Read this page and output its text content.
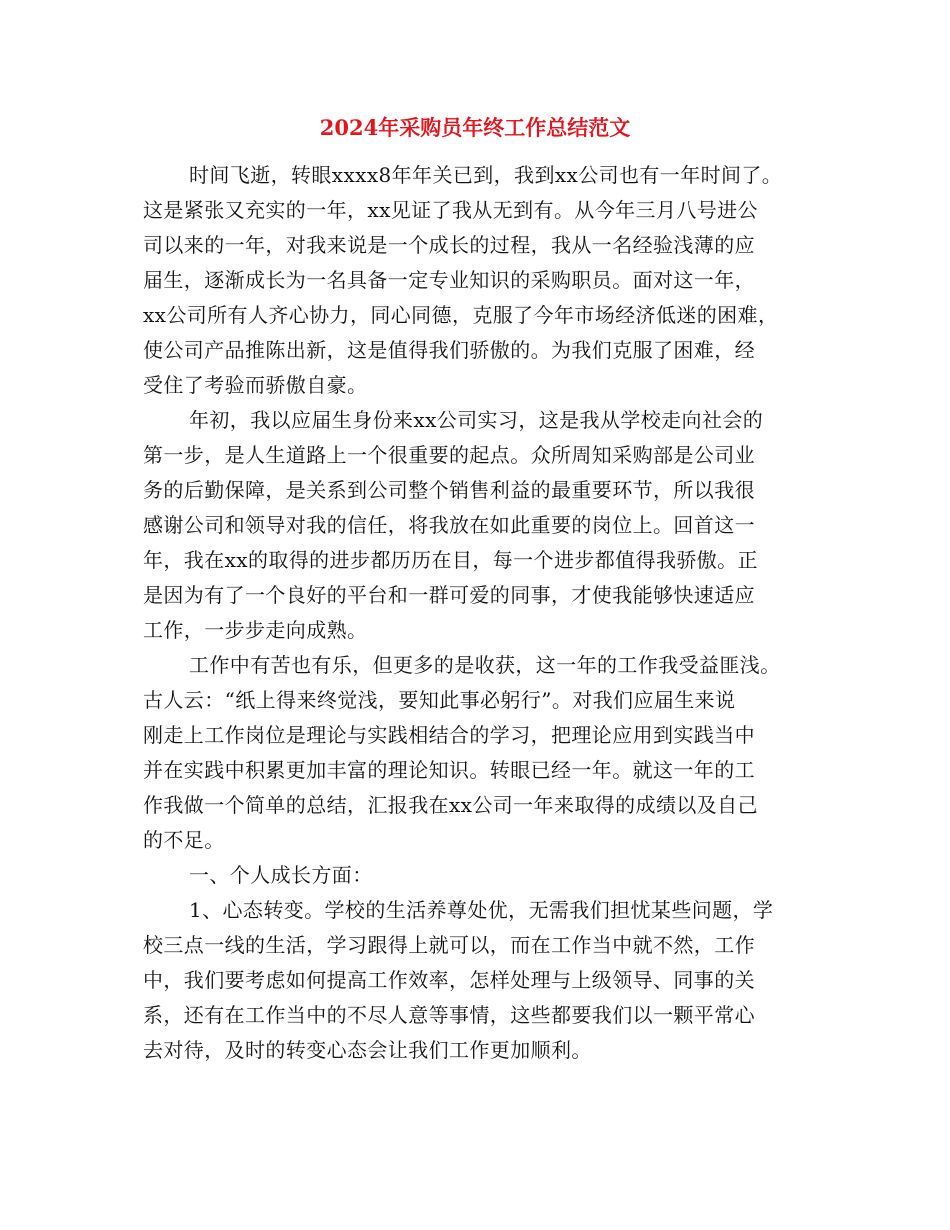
2024年采购员年终工作总结范文
时间飞逝，转眼xxxx8年年关已到，我到xx公司也有一年时间了。
这是紧张又充实的一年，xx见证了我从无到有。从今年三月八号进公
司以来的一年，对我来说是一个成长的过程，我从一名经验浅薄的应
届生，逐渐成长为一名具备一定专业知识的采购职员。面对这一年，
xx公司所有人齐心协力，同心同德，克服了今年市场经济低迷的困难，
使公司产品推陈出新，这是值得我们骄傲的。为我们克服了困难，经
受住了考验而骄傲自豪。
年初，我以应届生身份来xx公司实习，这是我从学校走向社会的
第一步，是人生道路上一个很重要的起点。众所周知采购部是公司业
务的后勤保障，是关系到公司整个销售利益的最重要环节，所以我很
感谢公司和领导对我的信任，将我放在如此重要的岗位上。回首这一
年，我在xx的取得的进步都历历在目，每一个进步都值得我骄傲。正
是因为有了一个良好的平台和一群可爱的同事，才使我能够快速适应
工作，一步步走向成熟。
工作中有苦也有乐，但更多的是收获，这一年的工作我受益匪浅。
古人云：“纸上得来终觉浅，要知此事必躬行”。对我们应届生来说
刚走上工作岗位是理论与实践相结合的学习，把理论应用到实践当中
并在实践中积累更加丰富的理论知识。转眼已经一年。就这一年的工
作我做一个简单的总结，汇报我在xx公司一年来取得的成绩以及自己
的不足。
一、个人成长方面：
1、心态转变。学校的生活养尊处优，无需我们担忧某些问题，学
校三点一线的生活，学习跟得上就可以，而在工作当中就不然，工作
中，我们要考虑如何提高工作效率，怎样处理与上级领导、同事的关
系，还有在工作当中的不尽人意等事情，这些都要我们以一颗平常心
去对待，及时的转变心态会让我们工作更加顺利。
